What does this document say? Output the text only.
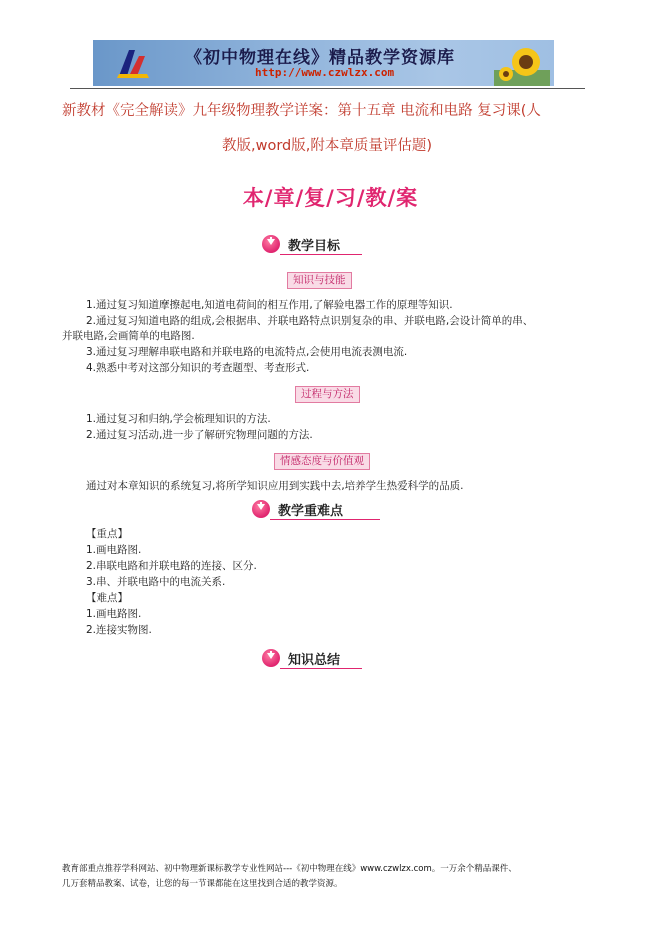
《初中物理在线》精品教学资源库
http://www.czwlzx.com
新教材《完全解读》九年级物理教学详案：第十五章 电流和电路 复习课(人
教版,word版,附本章质量评估题)
本/章/复/习/教/案
教学目标
知识与技能
1.通过复习知道摩擦起电,知道电荷间的相互作用,了解验电器工作的原理等知识.
2.通过复习知道电路的组成,会根据串、并联电路特点识别复杂的串、并联电路,会设计简单的串、
并联电路,会画简单的电路图.
3.通过复习理解串联电路和并联电路的电流特点,会使用电流表测电流.
4.熟悉中考对这部分知识的考查题型、考查形式.
过程与方法
1.通过复习和归纳,学会梳理知识的方法.
2.通过复习活动,进一步了解研究物理问题的方法.
情感态度与价值观
通过对本章知识的系统复习,将所学知识应用到实践中去,培养学生热爱科学的品质.
教学重难点
【重点】
1.画电路图.
2.串联电路和并联电路的连接、区分.
3.串、并联电路中的电流关系.
【难点】
1.画电路图.
2.连接实物图.
知识总结
教育部重点推荐学科网站、初中物理新课标教学专业性网站---《初中物理在线》www.czwlzx.com。一万余个精品课件、
几万套精品教案、试卷，让您的每一节课都能在这里找到合适的教学资源。
